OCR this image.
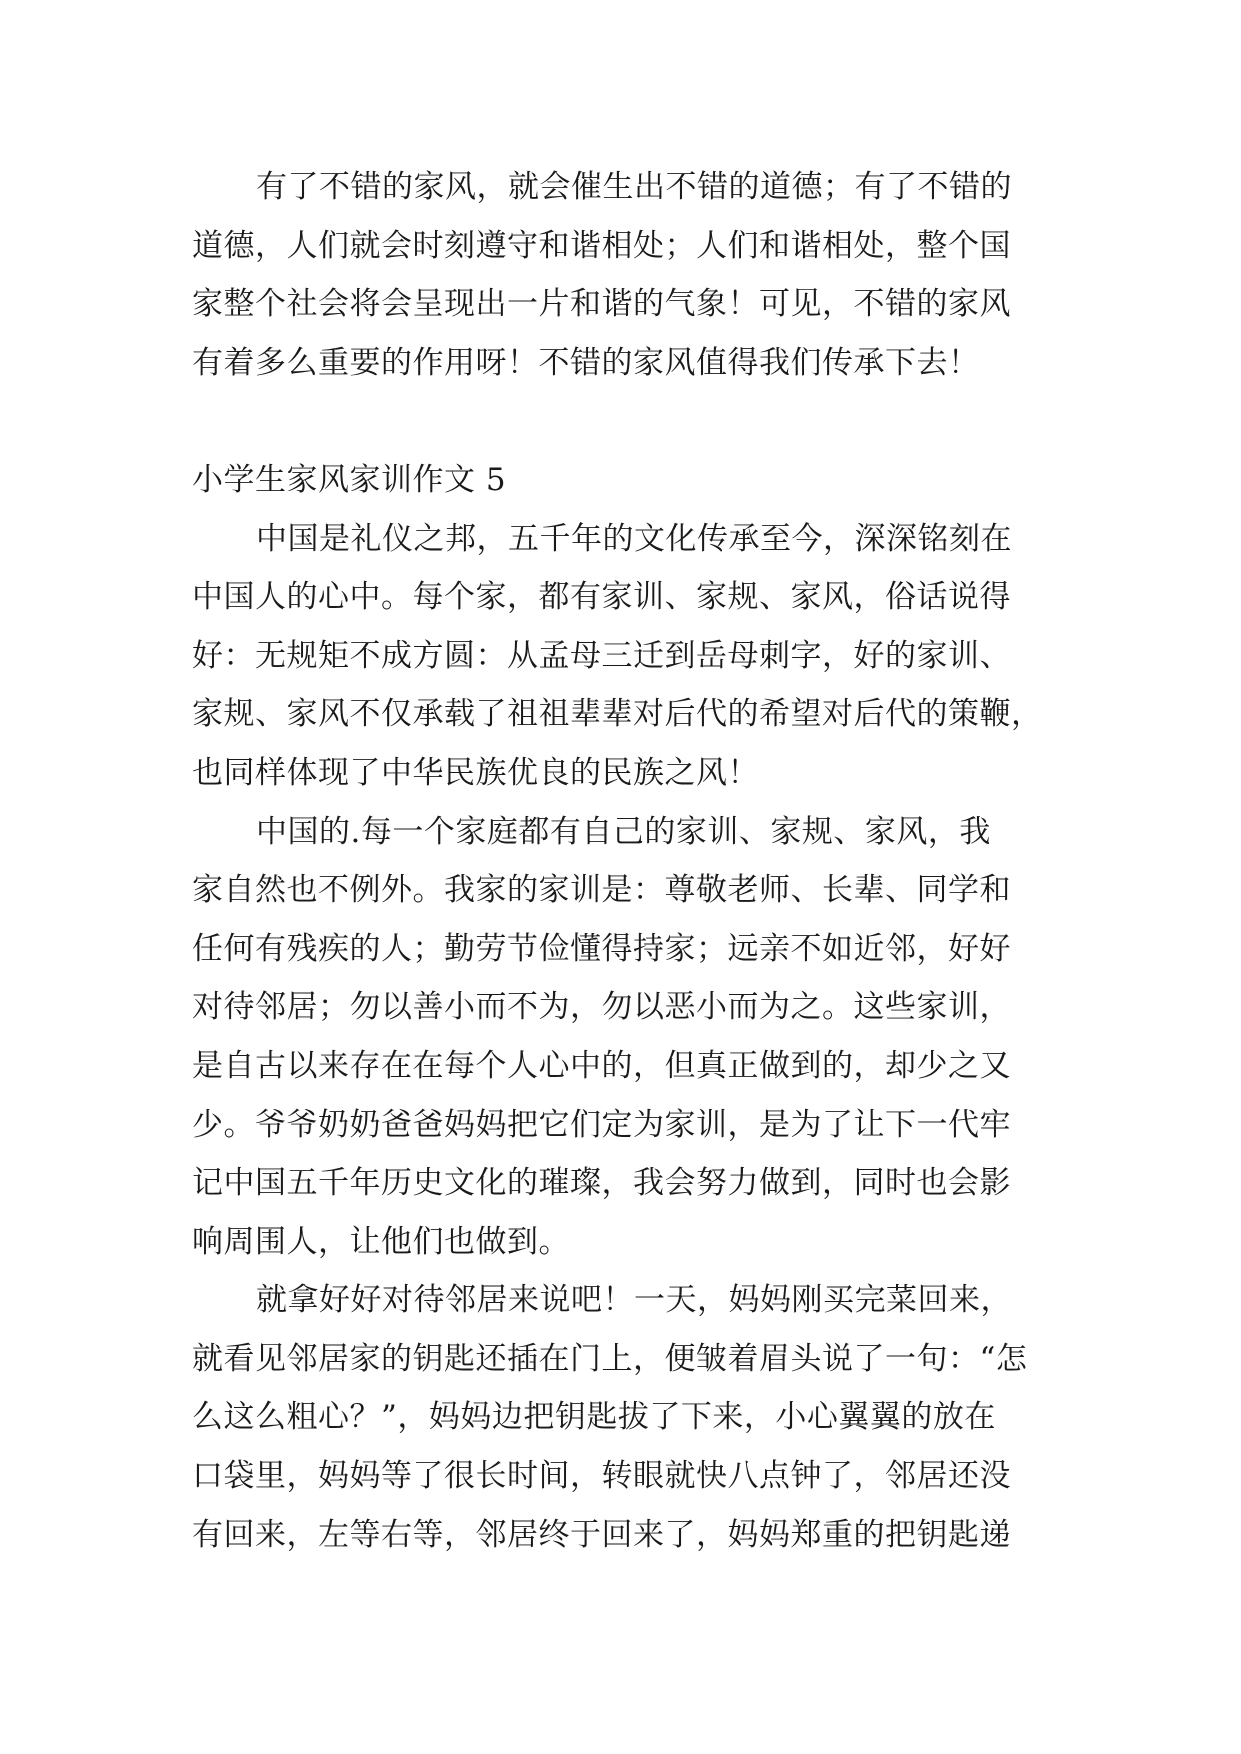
有了不错的家风，就会催生出不错的道德；有了不错的
道德，人们就会时刻遵守和谐相处；人们和谐相处，整个国
家整个社会将会呈现出一片和谐的气象！可见，不错的家风
有着多么重要的作用呀！不错的家风值得我们传承下去！
小学生家风家训作文 5
中国是礼仪之邦，五千年的文化传承至今，深深铭刻在
中国人的心中。每个家，都有家训、家规、家风，俗话说得
好：无规矩不成方圆：从孟母三迁到岳母刺字，好的家训、
家规、家风不仅承载了祖祖辈辈对后代的希望对后代的策鞭，
也同样体现了中华民族优良的民族之风！
中国的.每一个家庭都有自己的家训、家规、家风，我
家自然也不例外。我家的家训是：尊敬老师、长辈、同学和
任何有残疾的人；勤劳节俭懂得持家；远亲不如近邻，好好
对待邻居；勿以善小而不为，勿以恶小而为之。这些家训，
是自古以来存在在每个人心中的，但真正做到的，却少之又
少。爷爷奶奶爸爸妈妈把它们定为家训，是为了让下一代牢
记中国五千年历史文化的璀璨，我会努力做到，同时也会影
响周围人，让他们也做到。
就拿好好对待邻居来说吧！一天，妈妈刚买完菜回来，
就看见邻居家的钥匙还插在门上，便皱着眉头说了一句：“怎
么这么粗心？”，妈妈边把钥匙拔了下来，小心翼翼的放在
口袋里，妈妈等了很长时间，转眼就快八点钟了，邻居还没
有回来，左等右等，邻居终于回来了，妈妈郑重的把钥匙递
